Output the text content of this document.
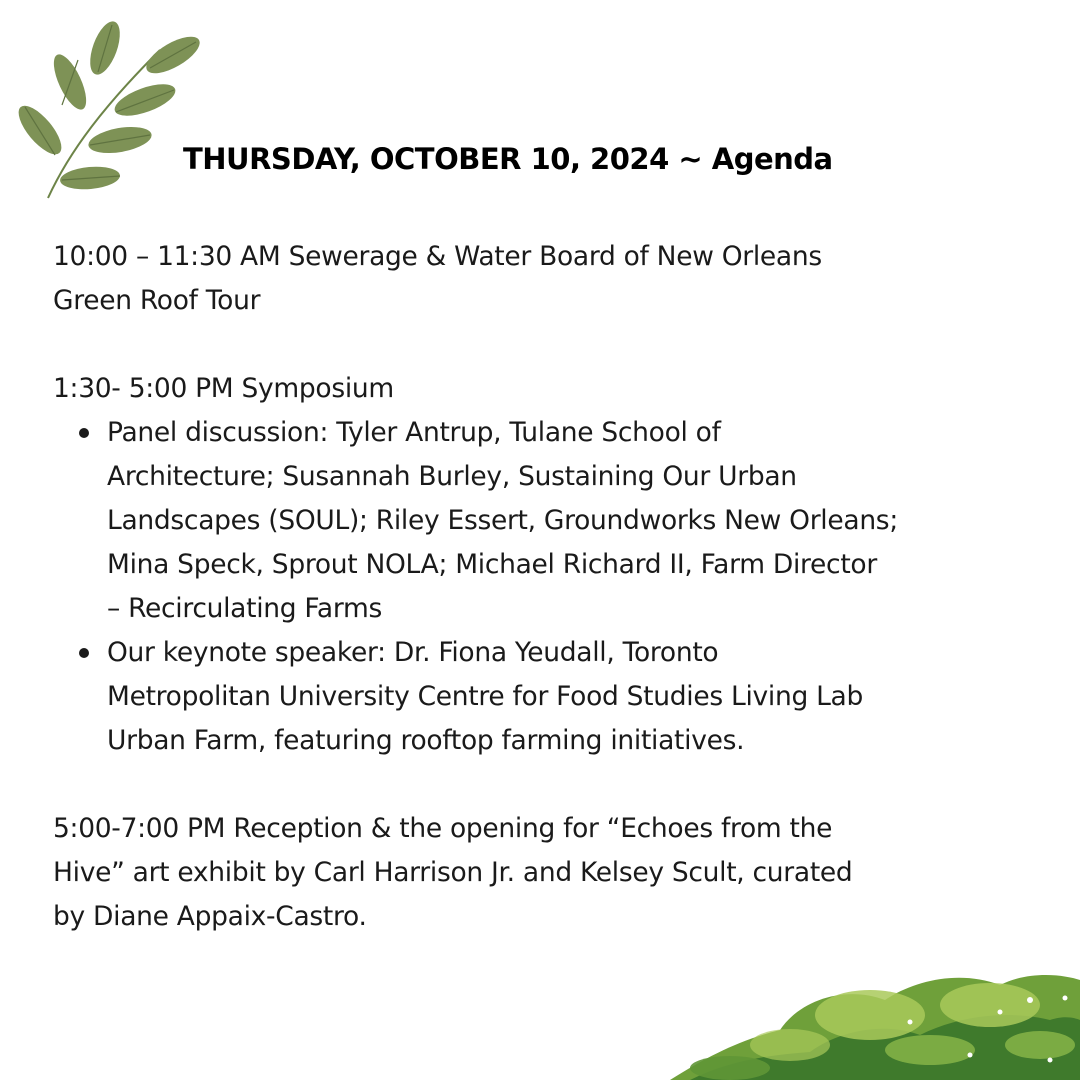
THURSDAY, OCTOBER 10, 2024 ~ Agenda
10:00 – 11:30 AM Sewerage & Water Board of New Orleans
Green Roof Tour
1:30- 5:00 PM Symposium
Panel discussion: Tyler Antrup, Tulane School of
Architecture; Susannah Burley, Sustaining Our Urban
Landscapes (SOUL); Riley Essert, Groundworks New Orleans;
Mina Speck, Sprout NOLA; Michael Richard II, Farm Director
– Recirculating Farms
Our keynote speaker: Dr. Fiona Yeudall, Toronto
Metropolitan University Centre for Food Studies Living Lab
Urban Farm, featuring rooftop farming initiatives.
5:00-7:00 PM Reception & the opening for “Echoes from the
Hive” art exhibit by Carl Harrison Jr. and Kelsey Scult, curated
by Diane Appaix-Castro.
